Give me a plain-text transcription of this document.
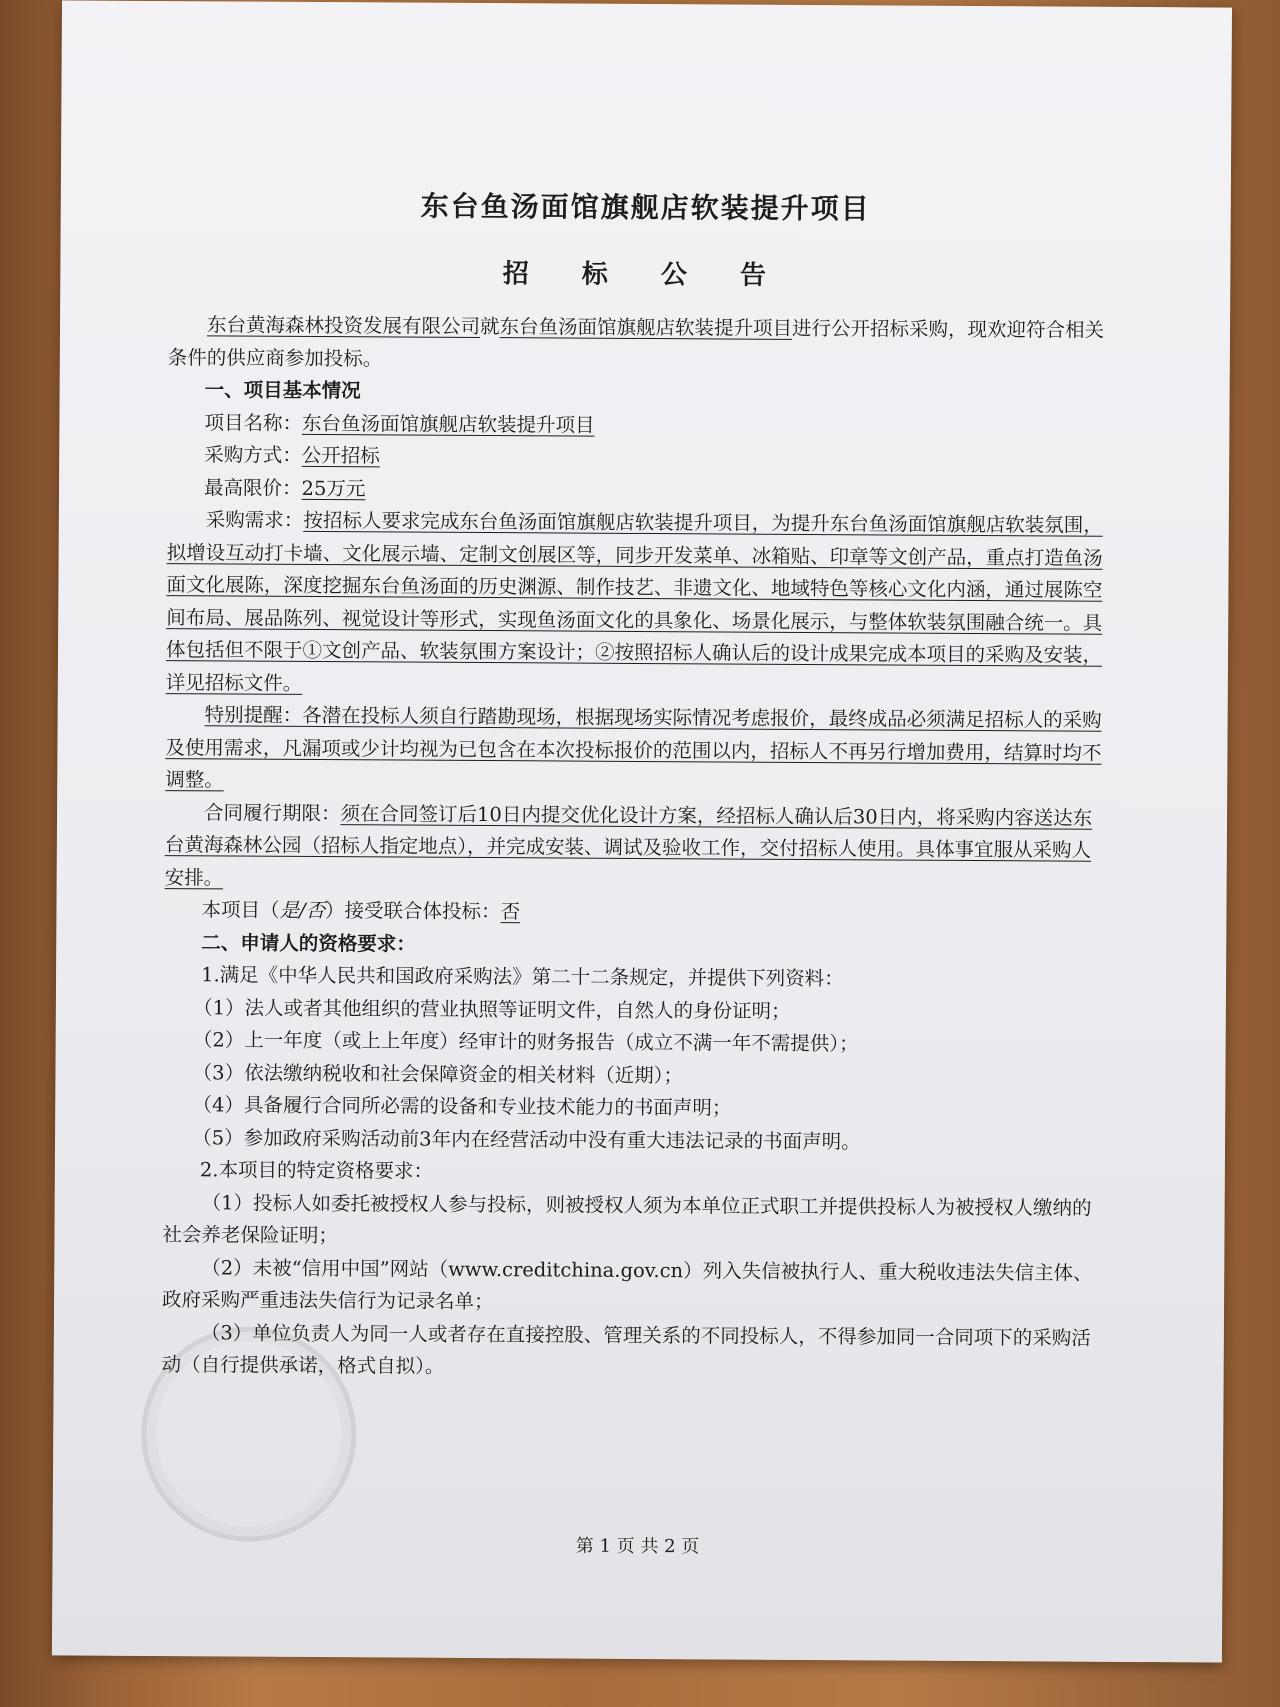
东台鱼汤面馆旗舰店软装提升项目
招 标 公 告

东台黄海森林投资发展有限公司就东台鱼汤面馆旗舰店软装提升项目进行公开招标采购，现欢迎符合相关条件的供应商参加投标。

一、项目基本情况

项目名称：东台鱼汤面馆旗舰店软装提升项目

采购方式：公开招标

最高限价：25万元

采购需求：按招标人要求完成东台鱼汤面馆旗舰店软装提升项目，为提升东台鱼汤面馆旗舰店软装氛围，拟增设互动打卡墙、文化展示墙、定制文创展区等，同步开发菜单、冰箱贴、印章等文创产品，重点打造鱼汤面文化展陈，深度挖掘东台鱼汤面的历史渊源、制作技艺、非遗文化、地域特色等核心文化内涵，通过展陈空间布局、展品陈列、视觉设计等形式，实现鱼汤面文化的具象化、场景化展示，与整体软装氛围融合统一。具体包括但不限于①文创产品、软装氛围方案设计；②按照招标人确认后的设计成果完成本项目的采购及安装，详见招标文件。

特别提醒：各潜在投标人须自行踏勘现场，根据现场实际情况考虑报价，最终成品必须满足招标人的采购及使用需求，凡漏项或少计均视为已包含在本次投标报价的范围以内，招标人不再另行增加费用，结算时均不调整。

合同履行期限：须在合同签订后10日内提交优化设计方案，经招标人确认后30日内，将采购内容送达东台黄海森林公园（招标人指定地点），并完成安装、调试及验收工作，交付招标人使用。具体事宜服从采购人安排。

本项目（是/否）接受联合体投标：否

二、申请人的资格要求：

1.满足《中华人民共和国政府采购法》第二十二条规定，并提供下列资料：

（1）法人或者其他组织的营业执照等证明文件，自然人的身份证明；

（2）上一年度（或上上年度）经审计的财务报告（成立不满一年不需提供）；

（3）依法缴纳税收和社会保障资金的相关材料（近期）；

（4）具备履行合同所必需的设备和专业技术能力的书面声明；

（5）参加政府采购活动前3年内在经营活动中没有重大违法记录的书面声明。

2.本项目的特定资格要求：

（1）投标人如委托被授权人参与投标，则被授权人须为本单位正式职工并提供投标人为被授权人缴纳的社会养老保险证明；

（2）未被“信用中国”网站（www.creditchina.gov.cn）列入失信被执行人、重大税收违法失信主体、政府采购严重违法失信行为记录名单；

（3）单位负责人为同一人或者存在直接控股、管理关系的不同投标人，不得参加同一合同项下的采购活动（自行提供承诺，格式自拟）。

第 1 页 共 2 页
